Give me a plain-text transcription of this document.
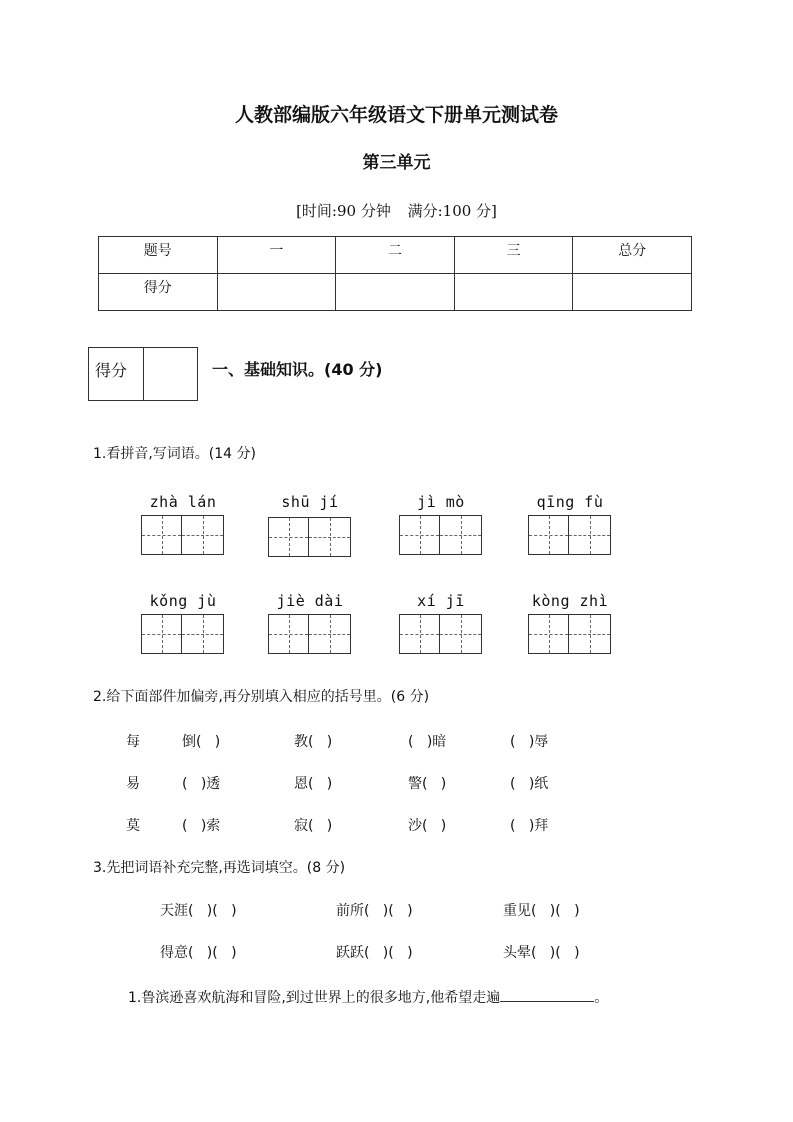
人教部编版六年级语文下册单元测试卷
第三单元
[时间:90 分钟 满分:100 分]
题号	一	二	三	总分
得分				
得分	一、基础知识。(40 分)
1.看拼音,写词语。(14 分)
zhà lán	shū jí	jì mò	qīng fù
kǒng jù	jiè dài	xí jī	kòng zhì
2.给下面部件加偏旁,再分别填入相应的括号里。(6 分)
每	倒(   )	教(   )	(   )暗	(   )辱
易	(   )透	恩(   )	警(   )	(   )纸
莫	(   )索	寂(   )	沙(   )	(   )拜
3.先把词语补充完整,再选词填空。(8 分)
天涯(   )(   )	前所(   )(   )	重见(   )(   )
得意(   )(   )	跃跃(   )(   )	头晕(   )(   )
1.鲁滨逊喜欢航海和冒险,到过世界上的很多地方,他希望走遍	。
